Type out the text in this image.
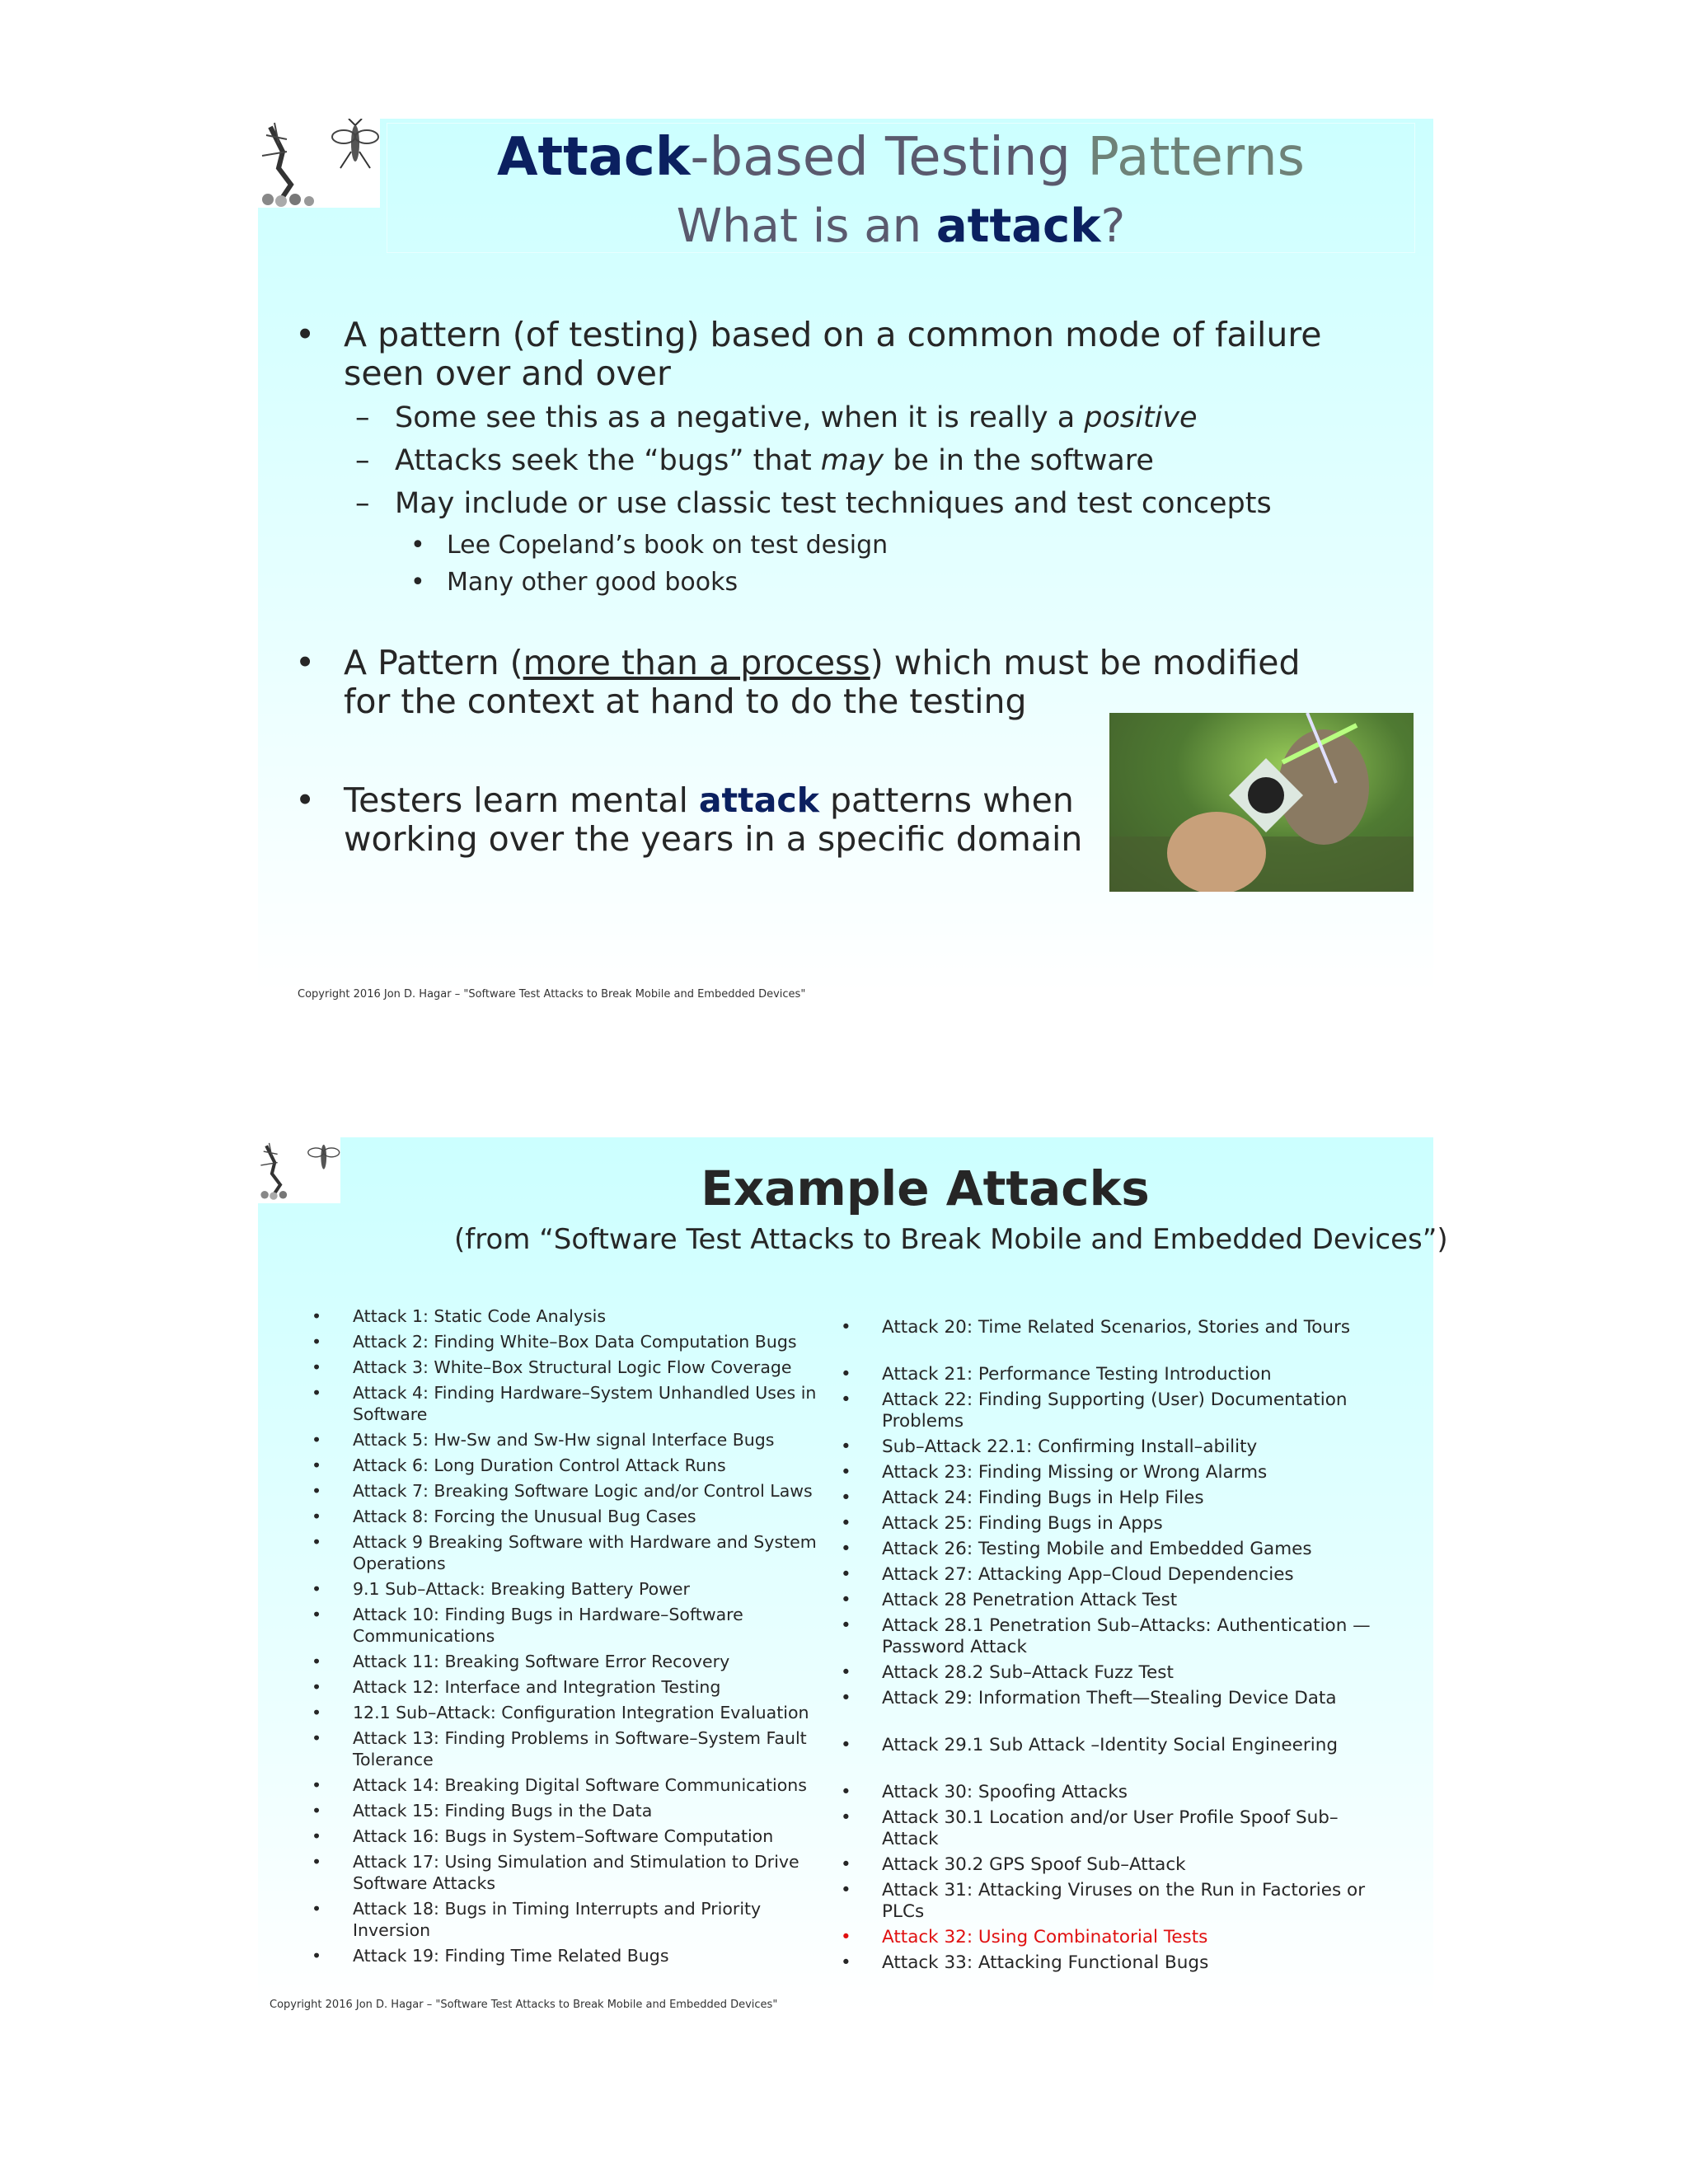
Attack-based Testing Patterns
What is an attack?
• A pattern (of testing) based on a common mode of failure
seen over and over
– Some see this as a negative, when it is really a positive
– Attacks seek the “bugs” that may be in the software
– May include or use classic test techniques and test concepts
• Lee Copeland’s book on test design
• Many other good books
• A Pattern (more than a process) which must be modified
for the context at hand to do the testing
• Testers learn mental attack patterns when
working over the years in a specific domain
Copyright 2016 Jon D. Hagar – "Software Test Attacks to Break Mobile and Embedded Devices"
Example Attacks
(from “Software Test Attacks to Break Mobile and Embedded Devices”)
• Attack 1: Static Code Analysis
• Attack 2: Finding White–Box Data Computation Bugs
• Attack 3: White–Box Structural Logic Flow Coverage
• Attack 4: Finding Hardware–System Unhandled Uses in Software
• Attack 5: Hw-Sw and Sw-Hw signal Interface Bugs
• Attack 6: Long Duration Control Attack Runs
• Attack 7: Breaking Software Logic and/or Control Laws
• Attack 8: Forcing the Unusual Bug Cases
• Attack 9 Breaking Software with Hardware and System Operations
• 9.1 Sub–Attack: Breaking Battery Power
• Attack 10: Finding Bugs in Hardware–Software Communications
• Attack 11: Breaking Software Error Recovery
• Attack 12: Interface and Integration Testing
• 12.1 Sub–Attack: Configuration Integration Evaluation
• Attack 13: Finding Problems in Software–System Fault Tolerance
• Attack 14: Breaking Digital Software Communications
• Attack 15: Finding Bugs in the Data
• Attack 16: Bugs in System–Software Computation
• Attack 17: Using Simulation and Stimulation to Drive Software Attacks
• Attack 18: Bugs in Timing Interrupts and Priority Inversion
• Attack 19: Finding Time Related Bugs
• Attack 20: Time Related Scenarios, Stories and Tours
• Attack 21: Performance Testing Introduction
• Attack 22: Finding Supporting (User) Documentation Problems
• Sub–Attack 22.1: Confirming Install–ability
• Attack 23: Finding Missing or Wrong Alarms
• Attack 24: Finding Bugs in Help Files
• Attack 25: Finding Bugs in Apps
• Attack 26: Testing Mobile and Embedded Games
• Attack 27: Attacking App–Cloud Dependencies
• Attack 28 Penetration Attack Test
• Attack 28.1 Penetration Sub–Attacks: Authentication — Password Attack
• Attack 28.2 Sub–Attack Fuzz Test
• Attack 29: Information Theft—Stealing Device Data
• Attack 29.1 Sub Attack –Identity Social Engineering
• Attack 30: Spoofing Attacks
• Attack 30.1 Location and/or User Profile Spoof Sub–Attack
• Attack 30.2 GPS Spoof Sub–Attack
• Attack 31: Attacking Viruses on the Run in Factories or PLCs
• Attack 32: Using Combinatorial Tests
• Attack 33: Attacking Functional Bugs
Copyright 2016 Jon D. Hagar – "Software Test Attacks to Break Mobile and Embedded Devices"
